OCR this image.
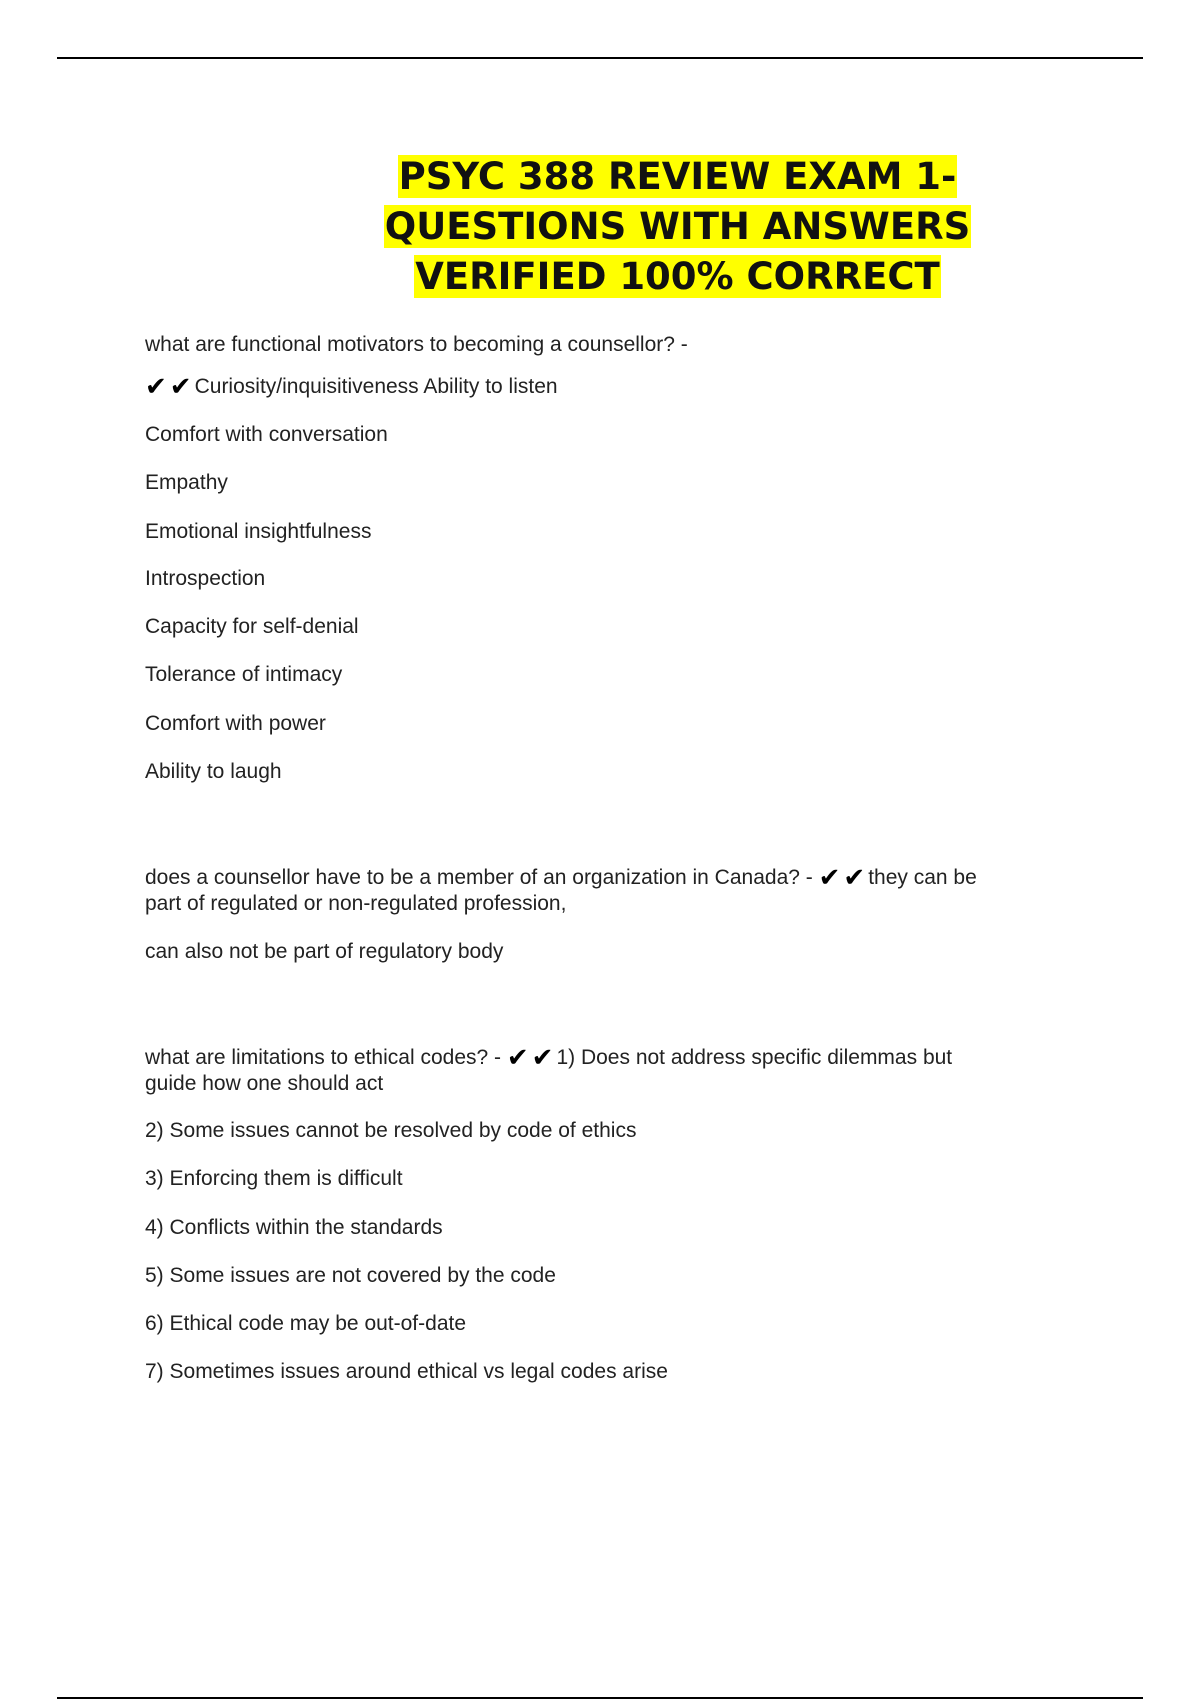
PSYC 388 REVIEW EXAM 1- QUESTIONS WITH ANSWERS VERIFIED 100% CORRECT
what are functional motivators to becoming a counsellor? -
✔ ✔ Curiosity/inquisitiveness Ability to listen
Comfort with conversation
Empathy
Emotional insightfulness
Introspection
Capacity for self-denial
Tolerance of intimacy
Comfort with power
Ability to laugh
does a counsellor have to be a member of an organization in Canada? - ✔ ✔ they can be
part of regulated or non-regulated profession,
can also not be part of regulatory body
what are limitations to ethical codes? - ✔ ✔ 1) Does not address specific dilemmas but
guide how one should act
2) Some issues cannot be resolved by code of ethics
3) Enforcing them is difficult
4) Conflicts within the standards
5) Some issues are not covered by the code
6) Ethical code may be out-of-date
7) Sometimes issues around ethical vs legal codes arise
